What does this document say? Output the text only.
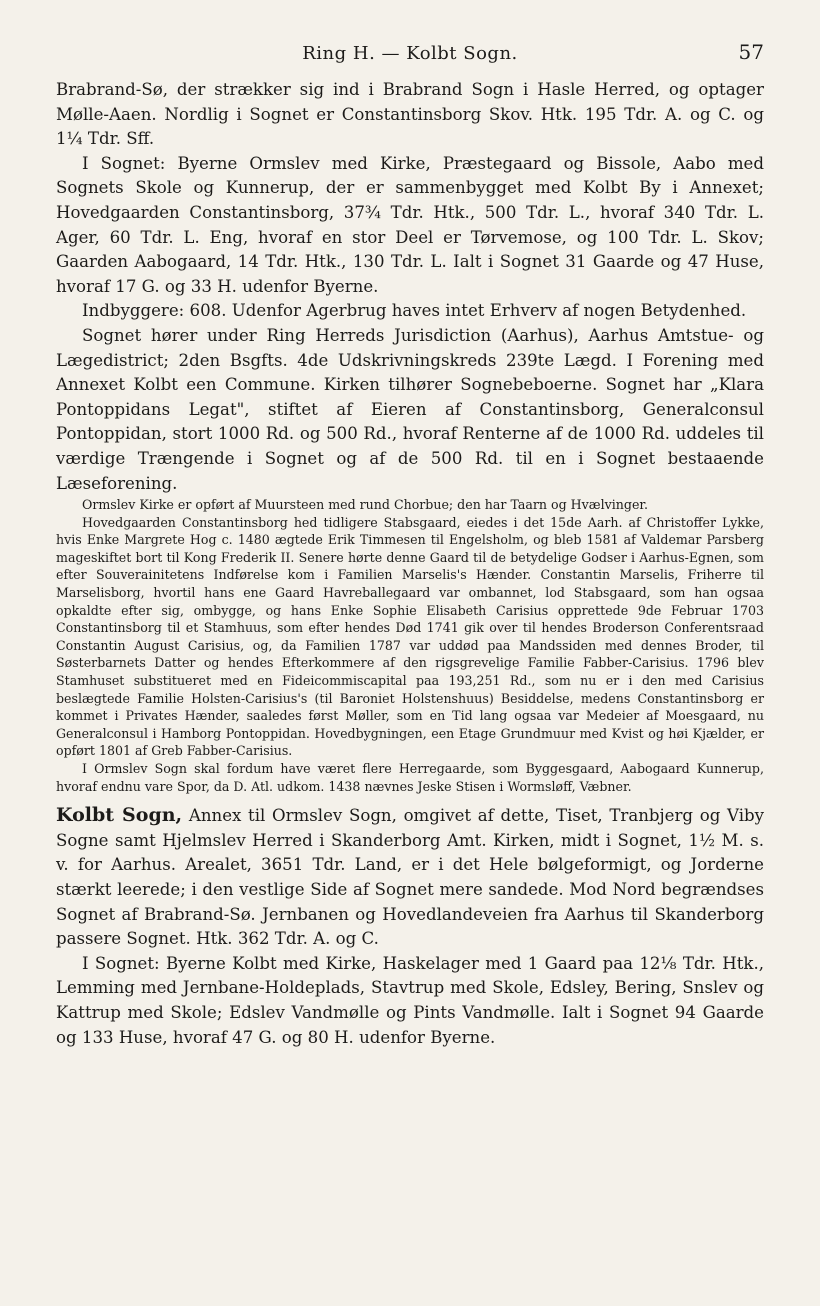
Ring H. — Kolbt Sogn.	57

Brabrand-Sø, der strækker sig ind i Brabrand Sogn i Hasle Herred, og optager Møllе-Aaen. Nordlig i Sognet er Constantinsborg Skov. Htk. 195 Tdr. A. og C. og 1¼ Tdr. Sff.

I Sognet: Byerne Ormslev med Kirke, Præstegaard og Bissole, Aabo med Sognets Skole og Kunnerup, der er sammenbygget med Kolbt By i Annexet; Hovedgaarden Constantinsborg, 37¾ Tdr. Htk., 500 Tdr. L., hvoraf 340 Tdr. L. Ager, 60 Tdr. L. Eng, hvoraf en stor Deel er Tørvemose, og 100 Tdr. L. Skov; Gaarden Aabogaard, 14 Tdr. Htk., 130 Tdr. L. Ialt i Sognet 31 Gaarde og 47 Huse, hvoraf 17 G. og 33 H. udenfor Byerne.

Indbyggere: 608. Udenfor Agerbrug haves intet Erhverv af nogen Betydenhed.

Sognet hører under Ring Herreds Jurisdiction (Aarhus), Aarhus Amtstue- og Lægedistrict; 2den Bsgfts. 4de Udskrivningskreds 239te Lægd. I Forening med Annexet Kolbt een Commune. Kirken tilhører Sognebeboerne. Sognet har „Klara Pontoppidans Legat", stiftet af Eieren af Constantinsborg, Generalconsul Pontoppidan, stort 1000 Rd. og 500 Rd., hvoraf Renterne af de 1000 Rd. uddeles til værdige Trængende i Sognet og af de 500 Rd. til en i Sognet bestaaende Læseforening.

Ormslev Kirke er opført af Muurstеen med rund Chorbue; den har Taarn og Hvælvinger.

Hovedgaarden Constantinsborg hed tidligere Stabsgaard, eiedes i det 15de Aarh. af Christoffer Lykke, hvis Enke Margrete Hog c. 1480 ægtede Erik Timmesen til Engelsholm, og bleb 1581 af Valdemar Parsberg mageskiftet bort til Kong Frederik II. Senere hørte denne Gaard til de betydelige Godser i Aarhus-Egnen, som efter Souverainitetens Indførelse kom i Familien Marselis's Hænder. Constantin Marselis, Friherre til Marselisborg, hvortil hans ene Gaard Havreballegaard var ombannet, lod Stabsgaard, som han ogsaa opkaldte efter sig, ombygge, og hans Enke Sophie Elisabeth Carisius opprettede 9de Februar 1703 Constantinsborg til et Stamhuus, som efter hendes Død 1741 gik over til hendes Broderson Conferentsraad Constantin August Carisius, og, da Familien 1787 var uddød paa Mandssiden med dennes Broder, til Søsterbarnets Datter og hendes Efterkommere af den rigsgrevelige Familie Fabber-Carisius. 1796 blev Stamhuset substitueret med en Fideicommiscapital paa 193,251 Rd., som nu er i den med Carisius beslægtede Familie Holsten-Carisius's (til Baroniet Holstenshuus) Besiddelse, medens Constantinsborg er kommet i Privates Hænder, saaledes først Møller, som en Tid lang ogsaa var Medeier af Moesgaard, nu Generalconsul i Hamborg Pontoppidan. Hovedbygningen, een Etage Grundmuur med Kvist og høi Kjælder, er opført 1801 af Greb Fabber-Carisius.

I Ormslev Sogn skal fordum have været flere Herregaarde, som Byggesgaard, Aabogaard Kunnerup, hvoraf endnu vare Spor, da D. Atl. udkom. 1438 nævnes Jeske Stisen i Wormsløff, Væbner.

Kolbt Sogn, Annex til Ormslev Sogn, omgivet af dette, Tiset, Tranbjerg og Viby Sogne samt Hjelmslev Herred i Skanderborg Amt. Kirken, midt i Sognet, 1½ M. s. v. for Aarhus. Arealet, 3651 Tdr. Land, er i det Hele bølgeformigt, og Jorderne stærkt leerede; i den vestlige Side af Sognet mere sandede. Mod Nord begrændses Sognet af Brabrand-Sø. Jernbanen og Hovedlandeveien fra Aarhus til Skanderborg passere Sognet. Htk. 362 Tdr. A. og C.

I Sognet: Byerne Kolbt med Kirke, Haskelager med 1 Gaard paa 12⅛ Tdr. Htk., Lemming med Jernbane-Holdeplads, Stavtrup med Skole, Edsley, Bering, Snslev og Kattrup med Skole; Edslev Vandmølle og Pints Vandmølle. Ialt i Sognet 94 Gaarde og 133 Huse, hvoraf 47 G. og 80 H. udenfor Byerne.
